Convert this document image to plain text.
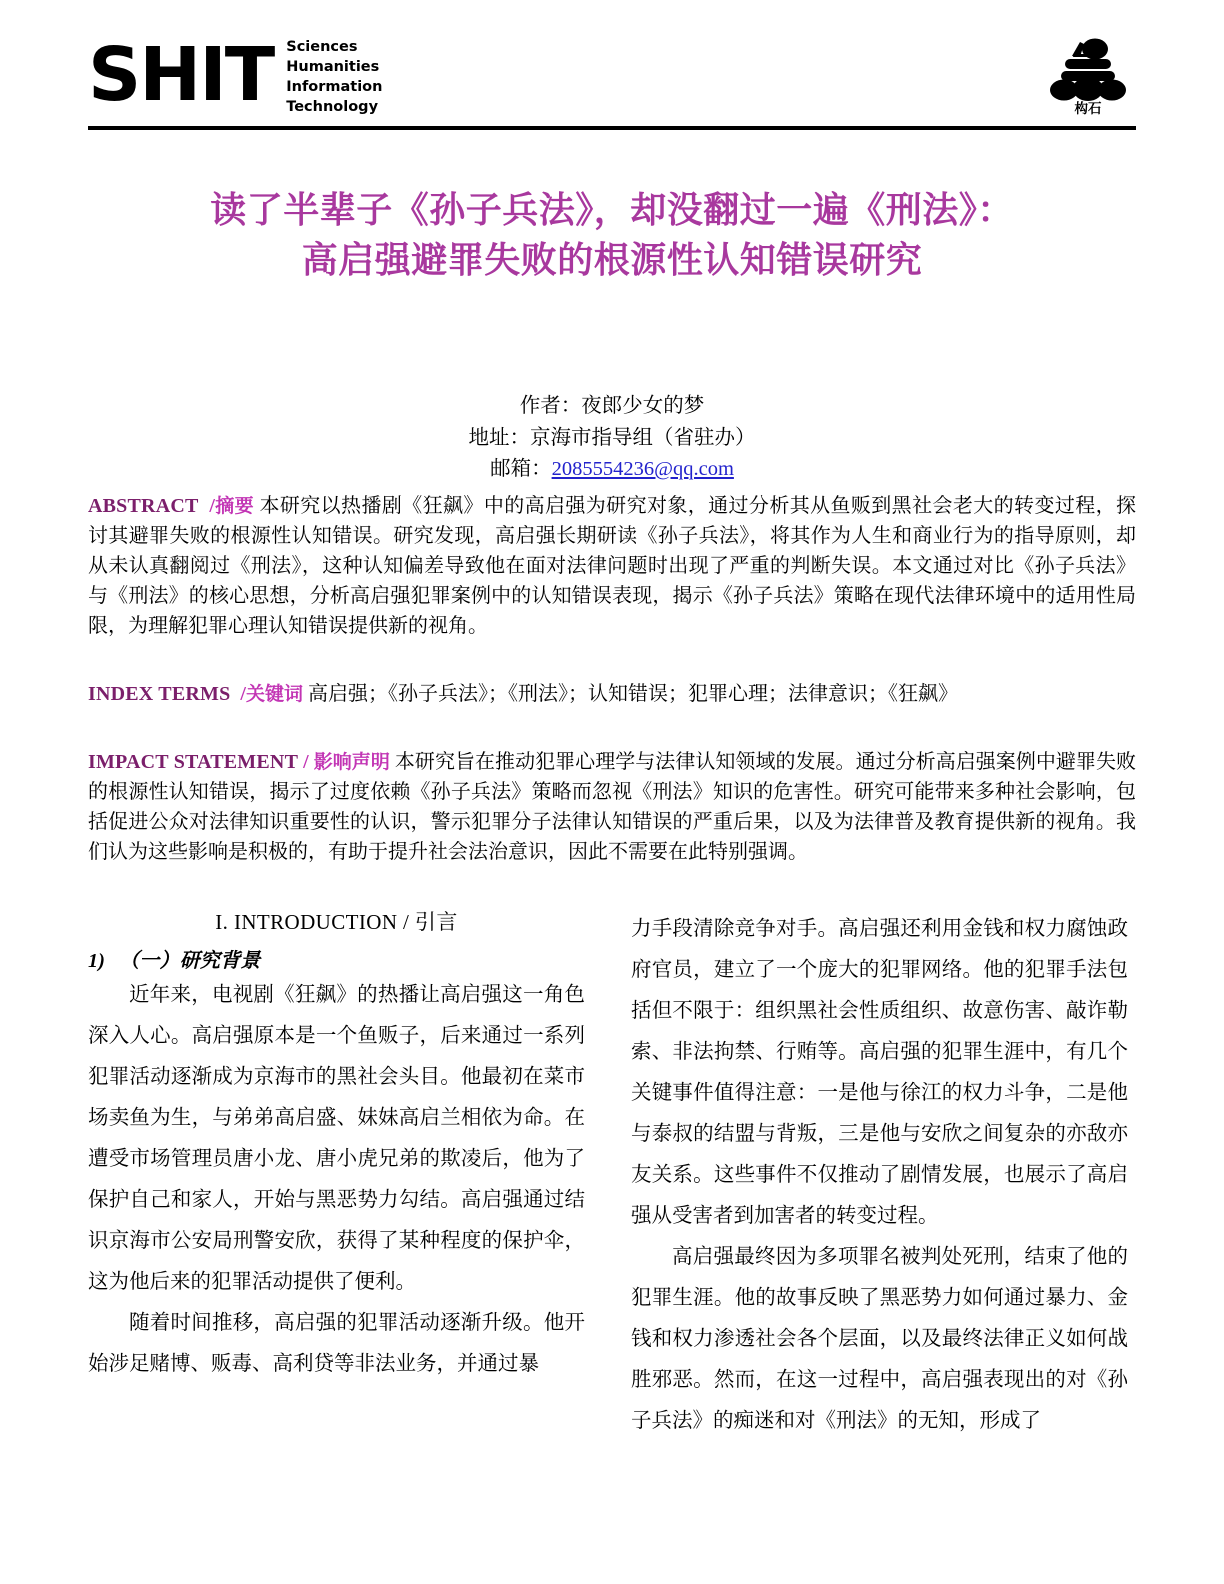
SHIT Sciences
Humanities
Information
Technology	构石
读了半辈子《孙子兵法》，却没翻过一遍《刑法》：
高启强避罪失败的根源性认知错误研究
作者：夜郎少女的梦
地址：京海市指导组（省驻办）
邮箱：2085554236@qq.com
ABSTRACT /摘要 本研究以热播剧《狂飙》中的高启强为研究对象，通过分析其从鱼贩到黑社会老大的转变过程，探讨其避罪失败的根源性认知错误。研究发现，高启强长期研读《孙子兵法》，将其作为人生和商业行为的指导原则，却从未认真翻阅过《刑法》，这种认知偏差导致他在面对法律问题时出现了严重的判断失误。本文通过对比《孙子兵法》与《刑法》的核心思想，分析高启强犯罪案例中的认知错误表现，揭示《孙子兵法》策略在现代法律环境中的适用性局限，为理解犯罪心理认知错误提供新的视角。
INDEX TERMS /关键词 高启强；《孙子兵法》；《刑法》；认知错误；犯罪心理；法律意识；《狂飙》
IMPACT STATEMENT / 影响声明 本研究旨在推动犯罪心理学与法律认知领域的发展。通过分析高启强案例中避罪失败的根源性认知错误，揭示了过度依赖《孙子兵法》策略而忽视《刑法》知识的危害性。研究可能带来多种社会影响，包括促进公众对法律知识重要性的认识，警示犯罪分子法律认知错误的严重后果，以及为法律普及教育提供新的视角。我们认为这些影响是积极的，有助于提升社会法治意识，因此不需要在此特别强调。
I. INTRODUCTION / 引言
1) （一）研究背景

近年来，电视剧《狂飙》的热播让高启强这一角色深入人心。高启强原本是一个鱼贩子，后来通过一系列犯罪活动逐渐成为京海市的黑社会头目。他最初在菜市场卖鱼为生，与弟弟高启盛、妹妹高启兰相依为命。在遭受市场管理员唐小龙、唐小虎兄弟的欺凌后，他为了保护自己和家人，开始与黑恶势力勾结。高启强通过结识京海市公安局刑警安欣，获得了某种程度的保护伞，这为他后来的犯罪活动提供了便利。

随着时间推移，高启强的犯罪活动逐渐升级。他开始涉足赌博、贩毒、高利贷等非法业务，并通过暴

力手段清除竞争对手。高启强还利用金钱和权力腐蚀政府官员，建立了一个庞大的犯罪网络。他的犯罪手法包括但不限于：组织黑社会性质组织、故意伤害、敲诈勒索、非法拘禁、行贿等。高启强的犯罪生涯中，有几个关键事件值得注意：一是他与徐江的权力斗争，二是他与泰叔的结盟与背叛，三是他与安欣之间复杂的亦敌亦友关系。这些事件不仅推动了剧情发展，也展示了高启强从受害者到加害者的转变过程。

高启强最终因为多项罪名被判处死刑，结束了他的犯罪生涯。他的故事反映了黑恶势力如何通过暴力、金钱和权力渗透社会各个层面，以及最终法律正义如何战胜邪恶。然而，在这一过程中，高启强表现出的对《孙子兵法》的痴迷和对《刑法》的无知，形成了
